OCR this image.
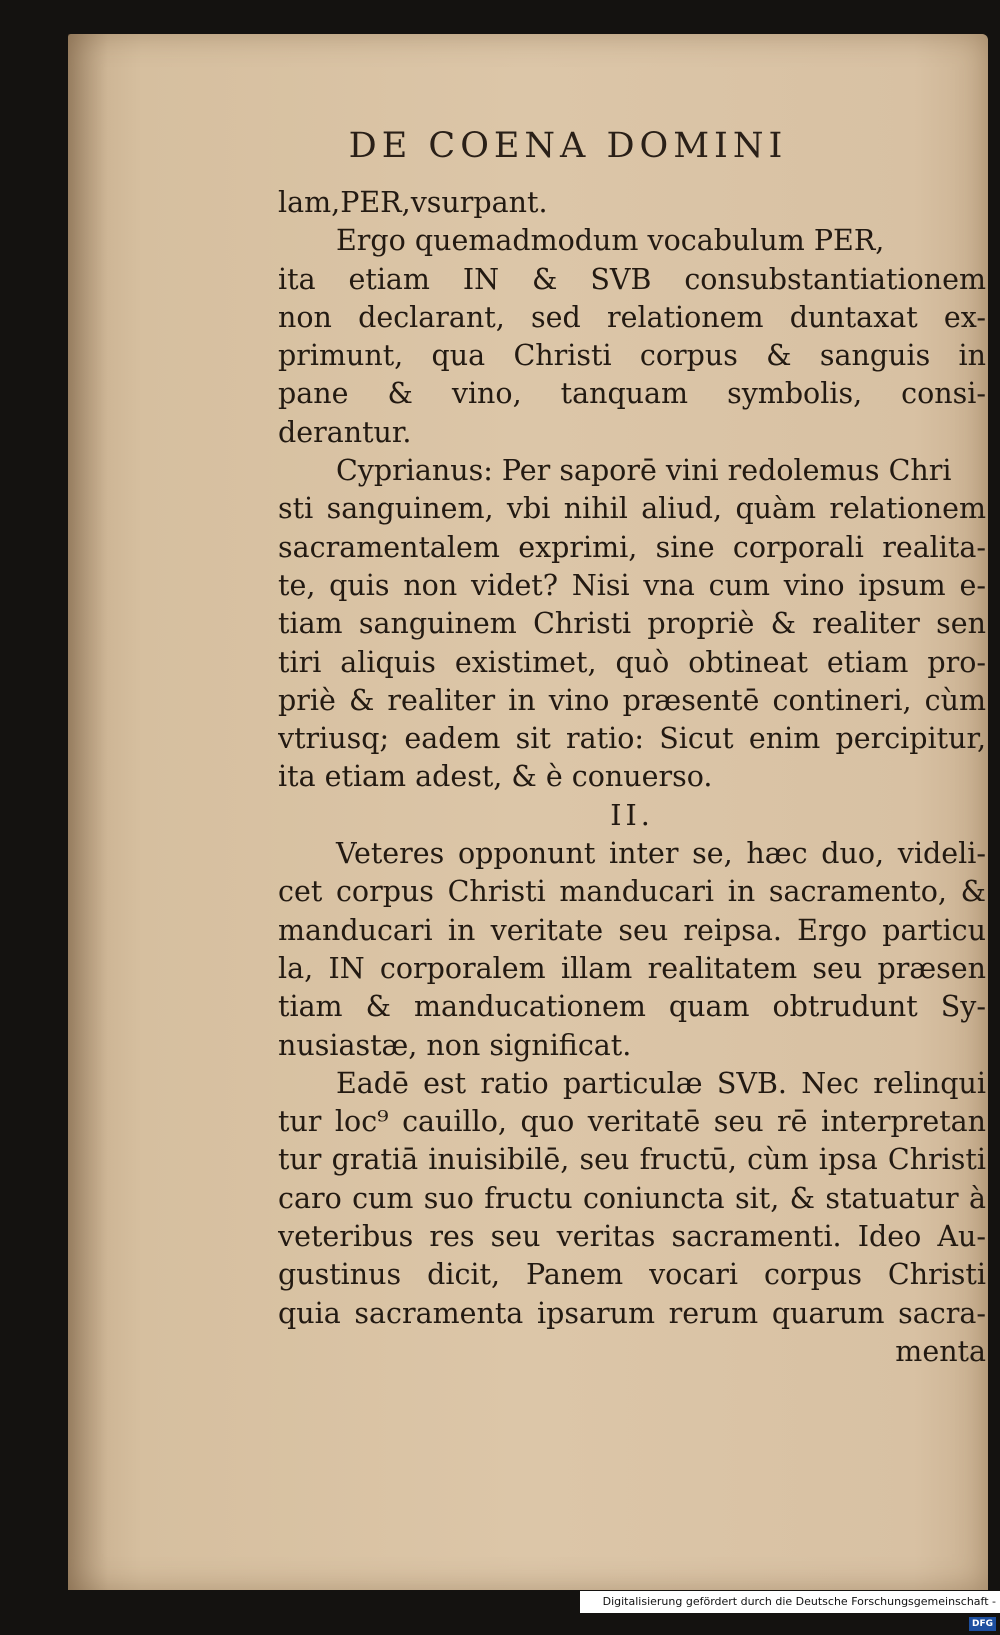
DE COENA DOMINI
lam,PER,vsurpant.
Ergo quemadmodum vocabulum PER,
ita etiam IN & SVB consubstantiationem
non declarant, sed relationem duntaxat ex-
primunt, qua Christi corpus & sanguis in
pane & vino, tanquam symbolis, consi-
derantur.
Cyprianus: Per saporē vini redolemus Chri
sti sanguinem, vbi nihil aliud, quàm relationem
sacramentalem exprimi, sine corporali realita-
te, quis non videt? Nisi vna cum vino ipsum e-
tiam sanguinem Christi propriè & realiter sen
tiri aliquis existimet, quò obtineat etiam pro-
priè & realiter in vino præsentē contineri, cùm
vtriusq; eadem sit ratio: Sicut enim percipitur,
ita etiam adest, & è conuerso.
II.
Veteres opponunt inter se, hæc duo, videli-
cet corpus Christi manducari in sacramento, &
manducari in veritate seu reipsa. Ergo particu
la, IN corporalem illam realitatem seu præsen
tiam & manducationem quam obtrudunt Sy-
nusiastæ, non significat.
Eadē est ratio particulæ SVB. Nec relinqui
tur loc⁹ cauillo, quo veritatē seu rē interpretan
tur gratiā inuisibilē, seu fructū, cùm ipsa Christi
caro cum suo fructu coniuncta sit, & statuatur à
veteribus res seu veritas sacramenti. Ideo Au-
gustinus dicit, Panem vocari corpus Christi
quia sacramenta ipsarum rerum quarum sacra-
menta
Digitalisierung gefördert durch die Deutsche Forschungsgemeinschaft - DFG
